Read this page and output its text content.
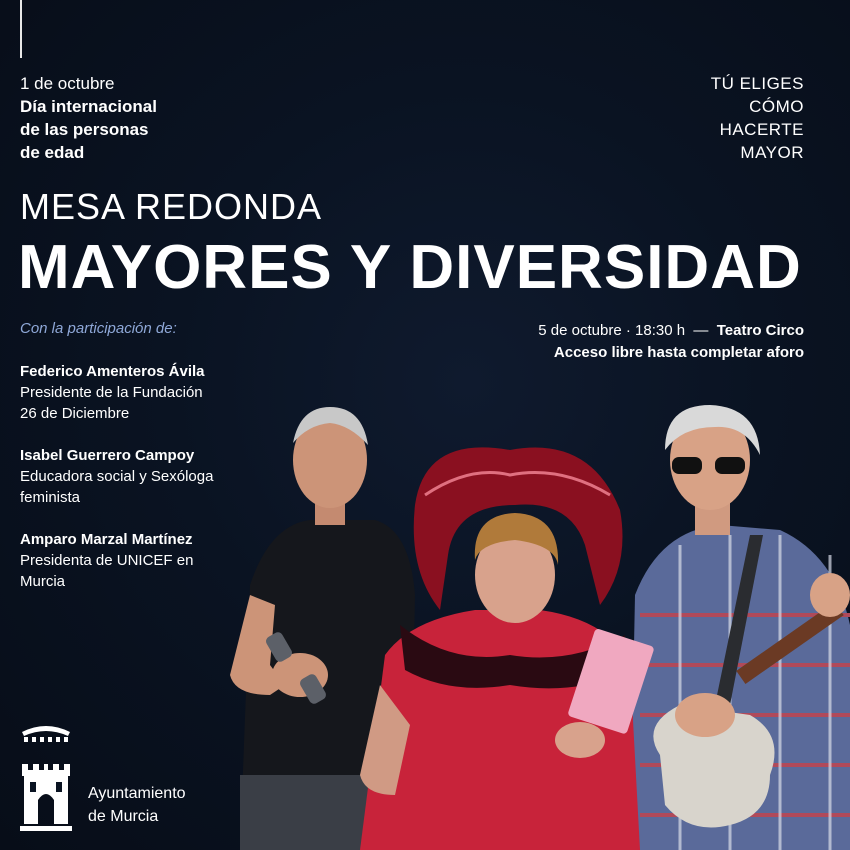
1 de octubre
Día internacional
de las personas
de edad
TÚ ELIGES
CÓMO
HACERTE
MAYOR
MESA REDONDA
MAYORES Y DIVERSIDAD
Con la participación de:	5 de octubre · 18:30 h — Teatro Circo
Acceso libre hasta completar aforo
Federico Amenteros Ávila
Presidente de la Fundación
26 de Diciembre
Isabel Guerrero Campoy
Educadora social y Sexóloga
feminista
Amparo Marzal Martínez
Presidenta de UNICEF en
Murcia
Ayuntamiento
de Murcia
